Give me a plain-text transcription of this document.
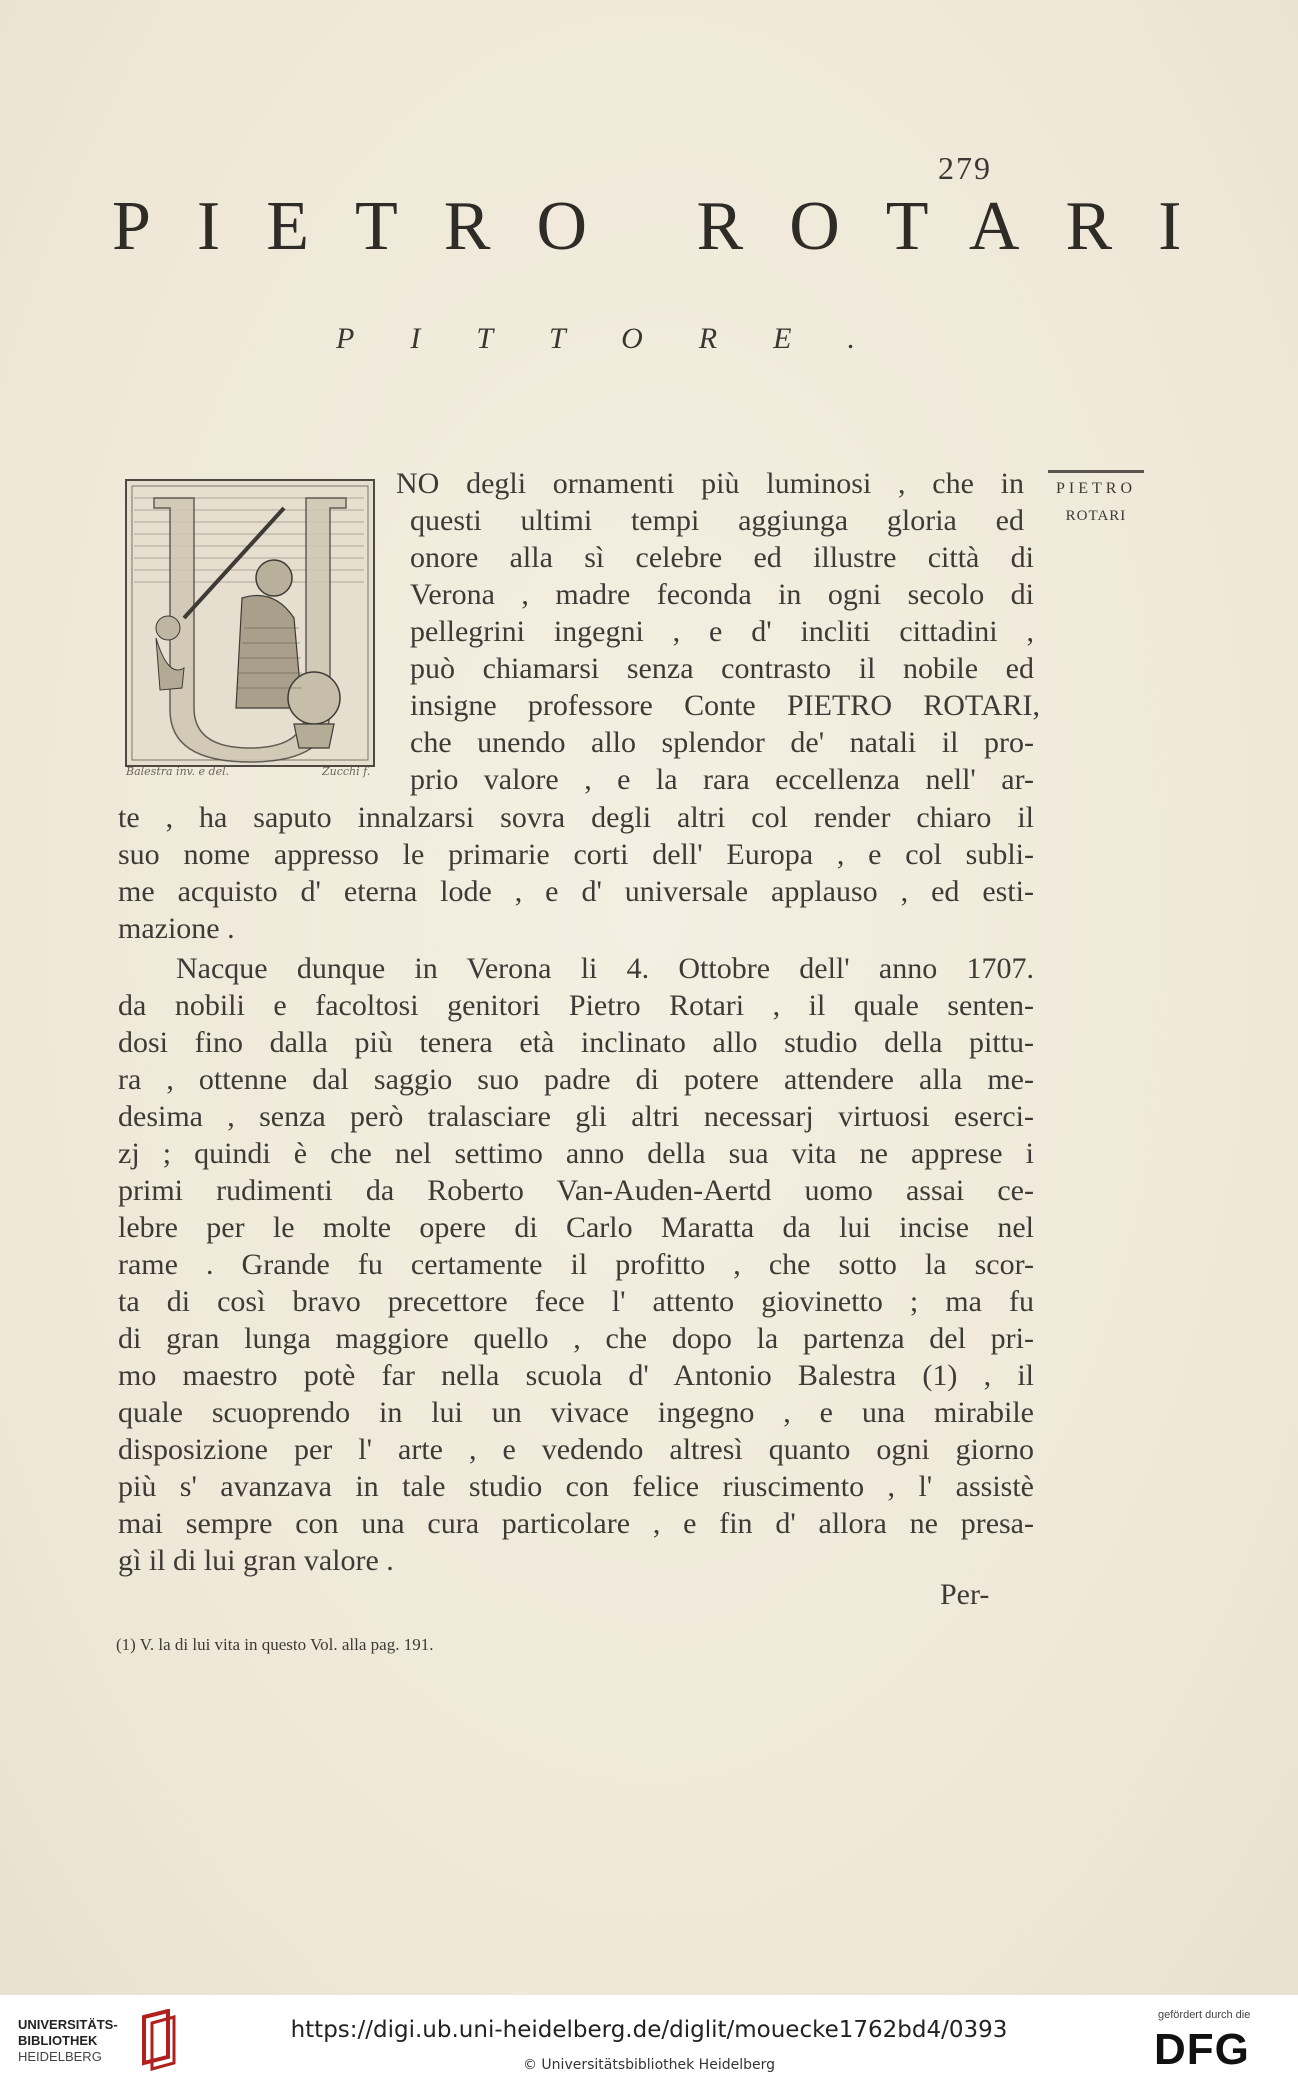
279
PIETRO ROTARI
PITTORE.
Balestra inv. e del.	Zucchi f.
PIETRO
ROTARI
NO degli ornamenti più luminosi , che in
questi ultimi tempi aggiunga gloria ed
onore alla sì celebre ed illustre città di
Verona , madre feconda in ogni secolo di
pellegrini ingegni , e d' incliti cittadini ,
può chiamarsi senza contrasto il nobile ed
insigne professore Conte PIETRO ROTARI,
che unendo allo splendor de' natali il pro-
prio valore , e la rara eccellenza nell' ar-
te , ha saputo innalzarsi sovra degli altri col render chiaro il
suo nome appresso le primarie corti dell' Europa , e col subli-
me acquisto d' eterna lode , e d' universale applauso , ed esti-
mazione .
Nacque dunque in Verona li 4. Ottobre dell' anno 1707.
da nobili e facoltosi genitori Pietro Rotari , il quale senten-
dosi fino dalla più tenera età inclinato allo studio della pittu-
ra , ottenne dal saggio suo padre di potere attendere alla me-
desima , senza però tralasciare gli altri necessarj virtuosi eserci-
zj ; quindi è che nel settimo anno della sua vita ne apprese i
primi rudimenti da Roberto Van-Auden-Aertd uomo assai ce-
lebre per le molte opere di Carlo Maratta da lui incise nel
rame . Grande fu certamente il profitto , che sotto la scor-
ta di così bravo precettore fece l' attento giovinetto ; ma fu
di gran lunga maggiore quello , che dopo la partenza del pri-
mo maestro potè far nella scuola d' Antonio Balestra (1) , il
quale scuoprendo in lui un vivace ingegno , e una mirabile
disposizione per l' arte , e vedendo altresì quanto ogni giorno
più s' avanzava in tale studio con felice riuscimento , l' assistè
mai sempre con una cura particolare , e fin d' allora ne presa-
gì il di lui gran valore .
Per-
(1) V. la di lui vita in questo Vol. alla pag. 191.
UNIVERSITÄTS-
BIBLIOTHEK
HEIDELBERG
https://digi.ub.uni-heidelberg.de/diglit/mouecke1762bd4/0393
© Universitätsbibliothek Heidelberg
gefördert durch die
DFG
